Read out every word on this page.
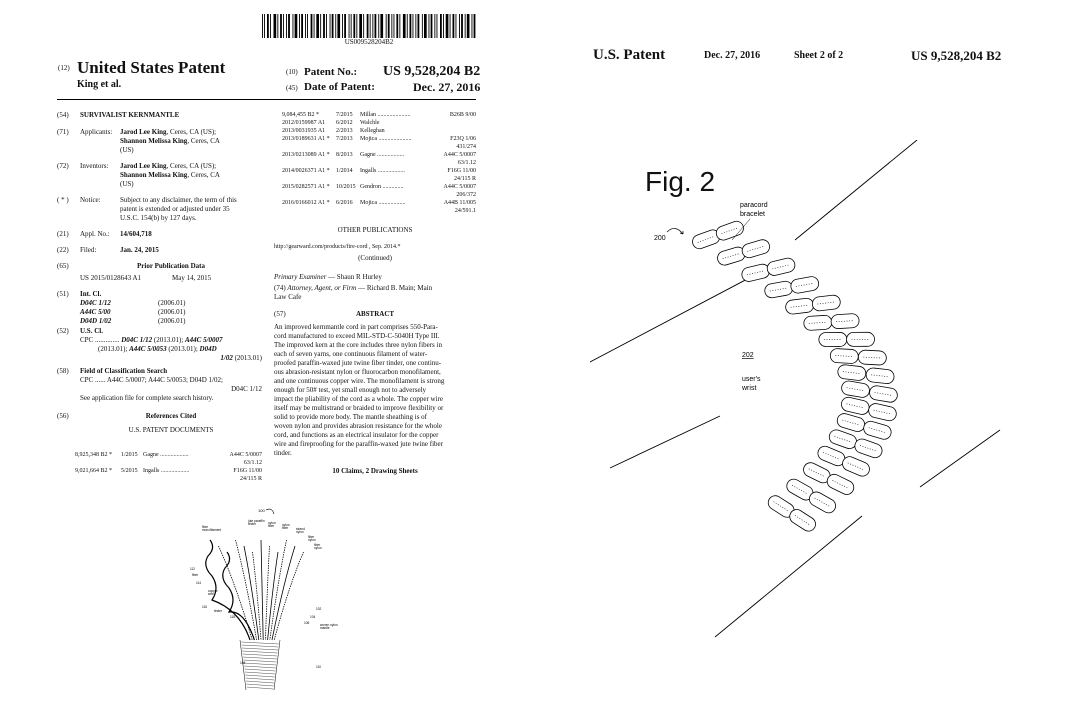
US009528204B2
(12) United States Patent
King et al.
(10) Patent No.: US 9,528,204 B2
(45) Date of Patent:	Dec. 27, 2016
(54)	SURVIVALIST KERNMANTLE
(71)	Applicants:	Jarod Lee King, Ceres, CA (US);
Shannon Melissa King, Ceres, CA
(US)
(72)	Inventors:	Jarod Lee King, Ceres, CA (US);
Shannon Melissa King, Ceres, CA
(US)
( * )	Notice:	Subject to any disclaimer, the term of this
patent is extended or adjusted under 35
U.S.C. 154(b) by 127 days.
(21)	Appl. No.:	14/604,718
(22)	Filed:	Jan. 24, 2015
(65)	Prior Publication Data
US 2015/0128643 A1	May 14, 2015
(51)	Int. Cl.
D04C 1/12	(2006.01)
A44C 5/00	(2006.01)
D04D 1/02	(2006.01)
(52)	U.S. Cl.
CPC .............. D04C 1/12 (2013.01); A44C 5/0007
(2013.01); A44C 5/0053 (2013.01); D04D

1/02 (2013.01)
(58)	Field of Classification Search
CPC ...... A44C 5/0007; A44C 5/0053; D04D 1/02;
D04C 1/12
See application file for complete search history.
(56)	References Cited
U.S. PATENT DOCUMENTS
8,925,348 B2 *	1/2015 Gagne ...................	A44C 5/0007
63/1.12
9,021,664 B2 *	5/2015 Ingalls ...................	F16G 11/00
24/115 R
9,084,455 B2 *	7/2015	Millan ......................	B26B 9/00
2012/0159987 A1	6/2012	Walchle
2013/0031935 A1	2/2013	Kelleghan
2013/0189631 A1 *	7/2013	Mojica ......................	F23Q 1/06
431/274
2013/0213089 A1 *	8/2013	Gagne ..................	A44C 5/0007
63/1.12
2014/0026371 A1 *	1/2014	Ingalls ..................	F16G 11/00
24/115 R
2015/0282571 A1 *	10/2015 Gendron ..............	A44C 5/0007
206/372
2016/0166012 A1 *	6/2016	Mojica ..................	A44B 11/005
24/591.1
OTHER PUBLICATIONS
http://gearward.com/products/fire-cord , Sep. 2014.*
(Continued)
Primary Examiner — Shaun R Hurley
(74) Attorney, Agent, or Firm — Richard B. Main; Main
Law Cafe
(57)	ABSTRACT
An improved kernmantle cord in part comprises 550-Para-
cord manufactured to exceed MIL-STD-C-5040H Type III.
The improved kern at the core includes three nylon fibers in
each of seven yarns, one continuous filament of water-
proofed paraffin-waxed jute twine fiber tinder, one continu-
ous abrasion-resistant nylon or fluorocarbon monofilament,
and one continuous copper wire. The monofilament is strong
enough for 50# test, yet small enough not to adversely
impact the pliability of the cord as a whole. The copper wire
itself may be multistrand or braided to improve flexibility or
solid to provide more body. The mantle sheathing is of
woven nylon and provides abrasion resistance for the whole
cord, and functions as an electrical insulator for the copper
wire and fireproofing for the paraffin-waxed jute twine fiber
tinder.
10 Claims, 2 Drawing Sheets
100
fiber
monofilament
jute paraffin
tinder	nylon
fiber nylon
fiber strand
nylon
fiber
nylon
fiber
nylon
fiber
copper
wire
tinder
woven nylon
mantle
112
114
116
118
102
104
106
108
110
U.S. Patent	Dec. 27, 2016	Sheet 2 of 2	US 9,528,204 B2
Fig. 2
paracord
bracelet
200
202
user's
wrist
